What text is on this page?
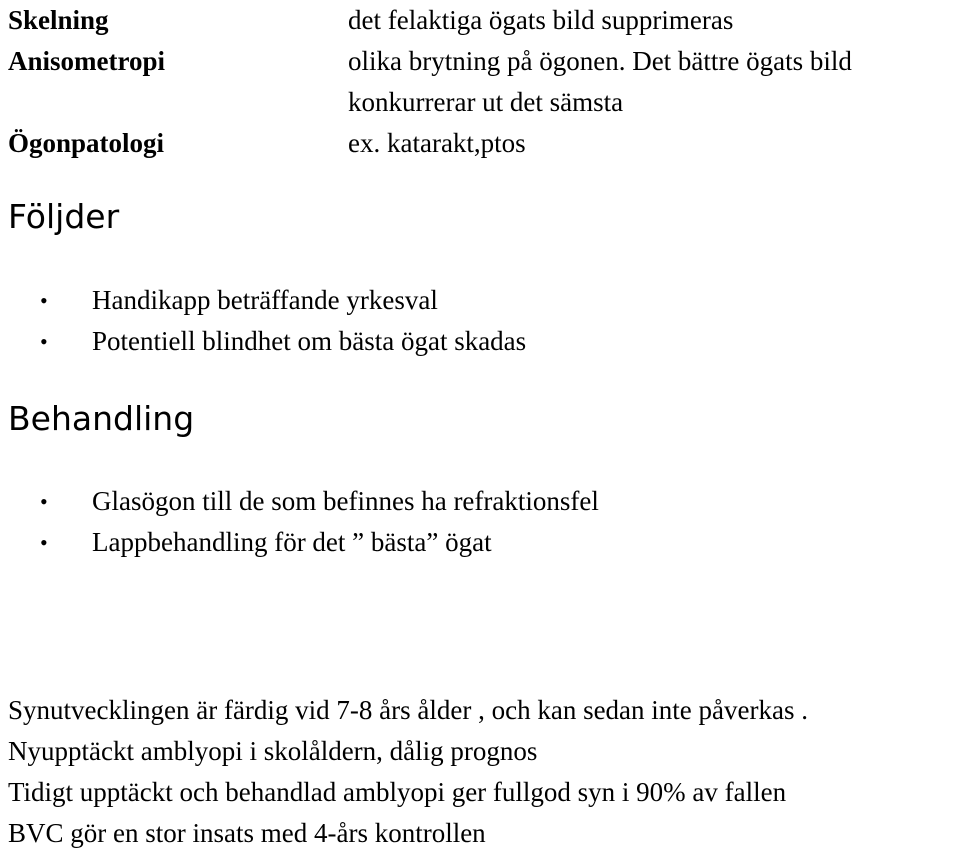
Skelning	det felaktiga ögats bild supprimeras
Anisometropi	olika brytning på ögonen. Det bättre ögats bild
konkurrerar ut det sämsta
Ögonpatologi	ex. katarakt,ptos
Följder
• Handikapp beträffande yrkesval
• Potentiell blindhet om bästa ögat skadas
Behandling
• Glasögon till de som befinnes ha refraktionsfel
• Lappbehandling för det ” bästa” ögat

Synutvecklingen är färdig vid 7-8 års ålder , och kan sedan inte påverkas .

Nyupptäckt amblyopi i skolåldern, dålig prognos

Tidigt upptäckt och behandlad amblyopi ger fullgod syn i 90% av fallen

BVC gör en stor insats med 4-års kontrollen
